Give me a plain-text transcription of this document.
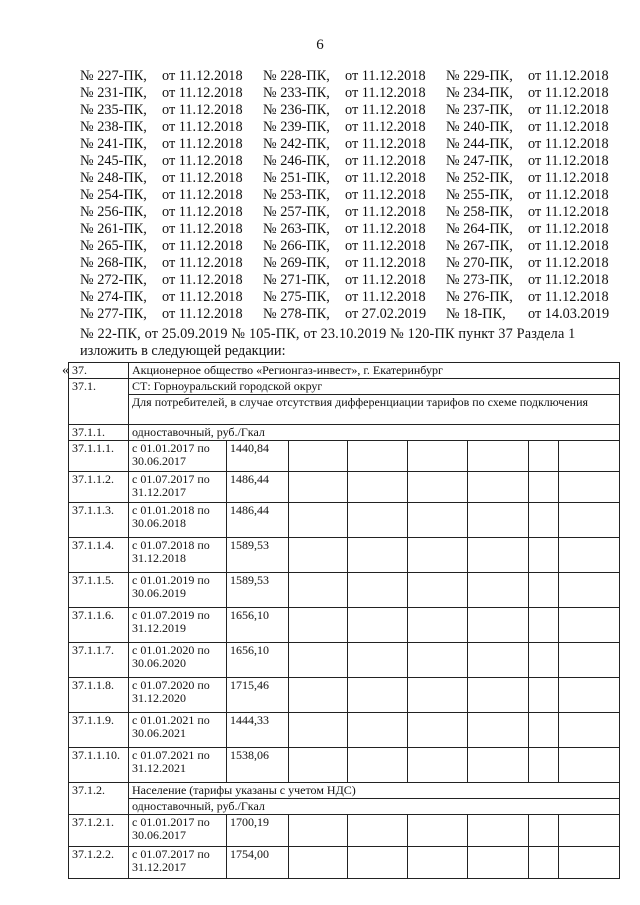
6
№ 227-ПК, от 11.12.2018 № 228-ПК, от 11.12.2018 № 229-ПК, от 11.12.2018
№ 231-ПК, от 11.12.2018 № 233-ПК, от 11.12.2018 № 234-ПК, от 11.12.2018
№ 235-ПК, от 11.12.2018 № 236-ПК, от 11.12.2018 № 237-ПК, от 11.12.2018
№ 238-ПК, от 11.12.2018 № 239-ПК, от 11.12.2018 № 240-ПК, от 11.12.2018
№ 241-ПК, от 11.12.2018 № 242-ПК, от 11.12.2018 № 244-ПК, от 11.12.2018
№ 245-ПК, от 11.12.2018 № 246-ПК, от 11.12.2018 № 247-ПК, от 11.12.2018
№ 248-ПК, от 11.12.2018 № 251-ПК, от 11.12.2018 № 252-ПК, от 11.12.2018
№ 254-ПК, от 11.12.2018 № 253-ПК, от 11.12.2018 № 255-ПК, от 11.12.2018
№ 256-ПК, от 11.12.2018 № 257-ПК, от 11.12.2018 № 258-ПК, от 11.12.2018
№ 261-ПК, от 11.12.2018 № 263-ПК, от 11.12.2018 № 264-ПК, от 11.12.2018
№ 265-ПК, от 11.12.2018 № 266-ПК, от 11.12.2018 № 267-ПК, от 11.12.2018
№ 268-ПК, от 11.12.2018 № 269-ПК, от 11.12.2018 № 270-ПК, от 11.12.2018
№ 272-ПК, от 11.12.2018 № 271-ПК, от 11.12.2018 № 273-ПК, от 11.12.2018
№ 274-ПК, от 11.12.2018 № 275-ПК, от 11.12.2018 № 276-ПК, от 11.12.2018
№ 277-ПК, от 11.12.2018 № 278-ПК, от 27.02.2019 № 18-ПК, от 14.03.2019
№ 22-ПК, от 25.09.2019 № 105-ПК, от 23.10.2019 № 120-ПК пункт 37 Раздела 1
изложить в следующей редакции:
« 37.	Акционерное общество «Регионгаз-инвест», г. Екатеринбург							
37.1.	СТ: Горноуральский городской округ							
	Для потребителей, в случае отсутствия дифференциации тарифов по схеме подключения							
37.1.1.	одноставочный, руб./Гкал							
37.1.1.1.	с 01.01.2017 по 30.06.2017	1440,84						
37.1.1.2.	с 01.07.2017 по 31.12.2017	1486,44						
37.1.1.3.	с 01.01.2018 по 30.06.2018	1486,44						
37.1.1.4.	с 01.07.2018 по 31.12.2018	1589,53						
37.1.1.5.	с 01.01.2019 по 30.06.2019	1589,53						
37.1.1.6.	с 01.07.2019 по 31.12.2019	1656,10						
37.1.1.7.	с 01.01.2020 по 30.06.2020	1656,10						
37.1.1.8.	с 01.07.2020 по 31.12.2020	1715,46						
37.1.1.9.	с 01.01.2021 по 30.06.2021	1444,33						
37.1.1.10.	с 01.07.2021 по 31.12.2021	1538,06						
37.1.2.	Население (тарифы указаны с учетом НДС)							
	одноставочный, руб./Гкал							
37.1.2.1.	с 01.01.2017 по 30.06.2017	1700,19						
37.1.2.2.	с 01.07.2017 по 31.12.2017	1754,00						
